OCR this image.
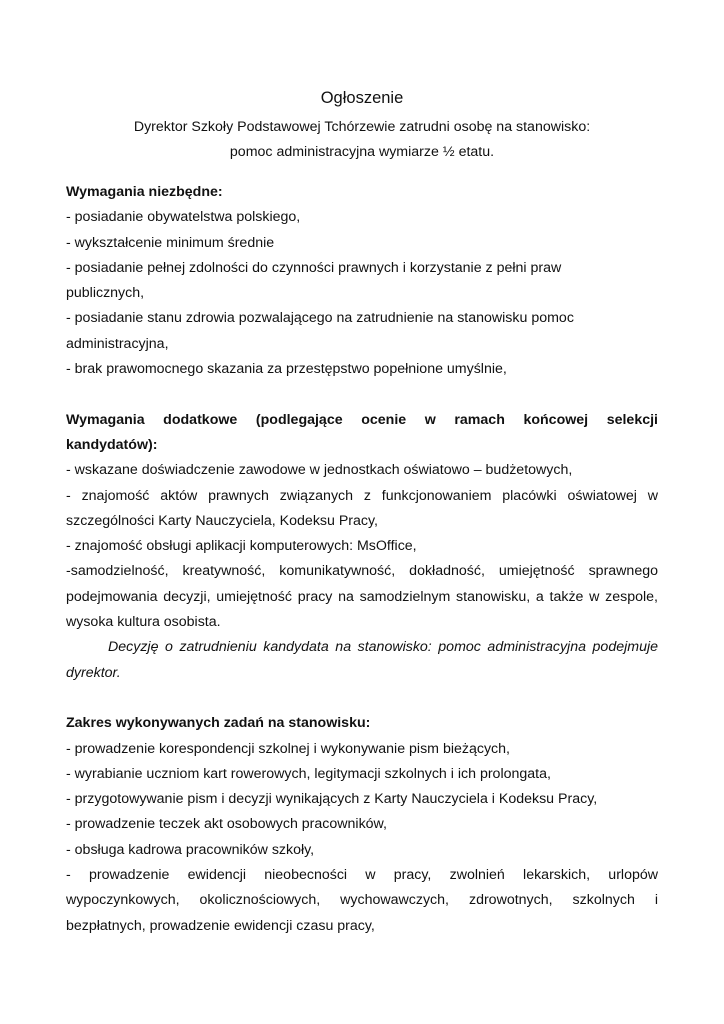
Ogłoszenie
Dyrektor Szkoły Podstawowej Tchórzewie zatrudni osobę na stanowisko:
pomoc administracyjna wymiarze ½ etatu.

Wymagania niezbędne:

- posiadanie obywatelstwa polskiego,

- wykształcenie minimum średnie

- posiadanie pełnej zdolności do czynności prawnych i korzystanie z pełni praw

publicznych,

- posiadanie stanu zdrowia pozwalającego na zatrudnienie na stanowisku pomoc

administracyjna,

- brak prawomocnego skazania za przestępstwo popełnione umyślnie,

Wymagania dodatkowe (podlegające ocenie w ramach końcowej selekcji

kandydatów):

- wskazane doświadczenie zawodowe w jednostkach oświatowo – budżetowych,

- znajomość aktów prawnych związanych z funkcjonowaniem placówki oświatowej w

szczególności Karty Nauczyciela, Kodeksu Pracy,

- znajomość obsługi aplikacji komputerowych: MsOffice,

-samodzielność, kreatywność, komunikatywność, dokładność, umiejętność sprawnego

podejmowania decyzji, umiejętność pracy na samodzielnym stanowisku, a także w zespole,

wysoka kultura osobista.

Decyzję o zatrudnieniu kandydata na stanowisko: pomoc administracyjna podejmuje

dyrektor.

Zakres wykonywanych zadań na stanowisku:

- prowadzenie korespondencji szkolnej i wykonywanie pism bieżących,

- wyrabianie uczniom kart rowerowych, legitymacji szkolnych i ich prolongata,

- przygotowywanie pism i decyzji wynikających z Karty Nauczyciela i Kodeksu Pracy,

- prowadzenie teczek akt osobowych pracowników,

- obsługa kadrowa pracowników szkoły,

- prowadzenie ewidencji nieobecności w pracy, zwolnień lekarskich, urlopów

wypoczynkowych, okolicznościowych, wychowawczych, zdrowotnych, szkolnych i

bezpłatnych, prowadzenie ewidencji czasu pracy,
